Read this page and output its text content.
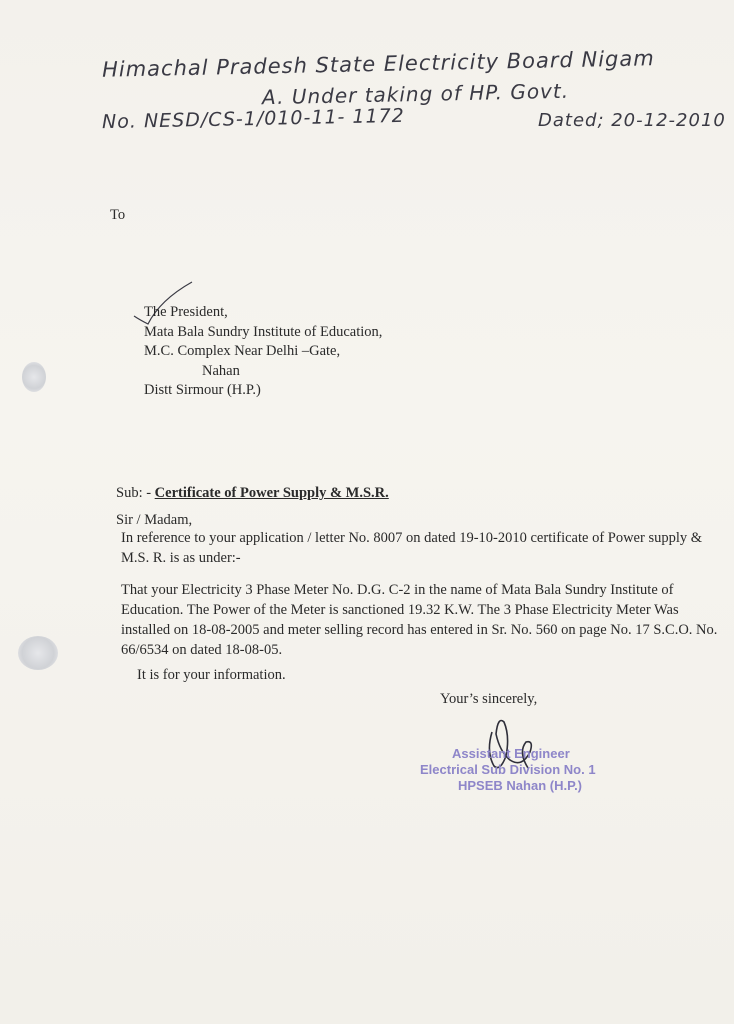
Himachal Pradesh State Electricity Board Nigam
A. Under taking of HP. Govt.
No. NESD/CS-1/010-11- 1172	Dated; 20-12-2010
To
The President,
Mata Bala Sundry Institute of Education,
M.C. Complex Near Delhi –Gate,
Nahan
Distt Sirmour (H.P.)
Sub: - Certificate of Power Supply & M.S.R.
Sir / Madam,
In reference to your application / letter No. 8007 on dated 19-10-2010 certificate of Power supply & M.S. R. is as under:-
That your Electricity 3 Phase Meter No. D.G. C-2 in the name of Mata Bala Sundry Institute of Education. The Power of the Meter is sanctioned 19.32 K.W. The 3 Phase Electricity Meter Was installed on 18-08-2005 and meter selling record has entered in Sr. No. 560 on page No. 17 S.C.O. No. 66/6534 on dated 18-08-05.
It is for your information.
Your’s sincerely,
Assistant Engineer
Electrical Sub Division No. 1
HPSEB Nahan (H.P.)
